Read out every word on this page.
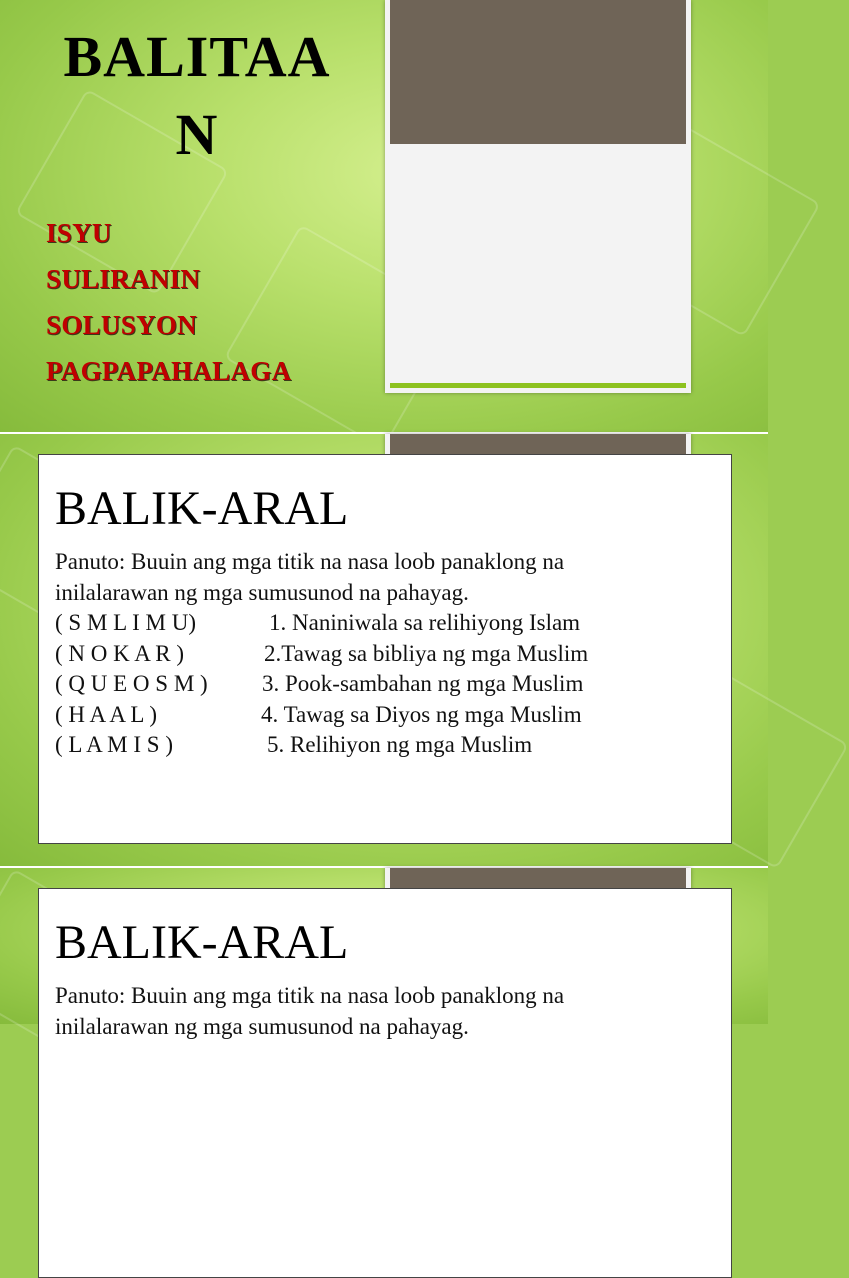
BALITAA
N
ISYU
SULIRANIN
SOLUSYON
PAGPAPAHALAGA
BALIK-ARAL
Panuto: Buuin ang mga titik na nasa loob panaklong na
inilalarawan ng mga sumusunod na pahayag.
( S M L I M U)	1. Naniniwala sa relihiyong Islam
( N O K A R )	2.Tawag sa bibliya ng mga Muslim
( Q U E O S M ) 3. Pook-sambahan ng mga Muslim
( H A A L )	4. Tawag sa Diyos ng mga Muslim
( L A M I S )	5. Relihiyon ng mga Muslim
BALIK-ARAL
Panuto: Buuin ang mga titik na nasa loob panaklong na
inilalarawan ng mga sumusunod na pahayag.
